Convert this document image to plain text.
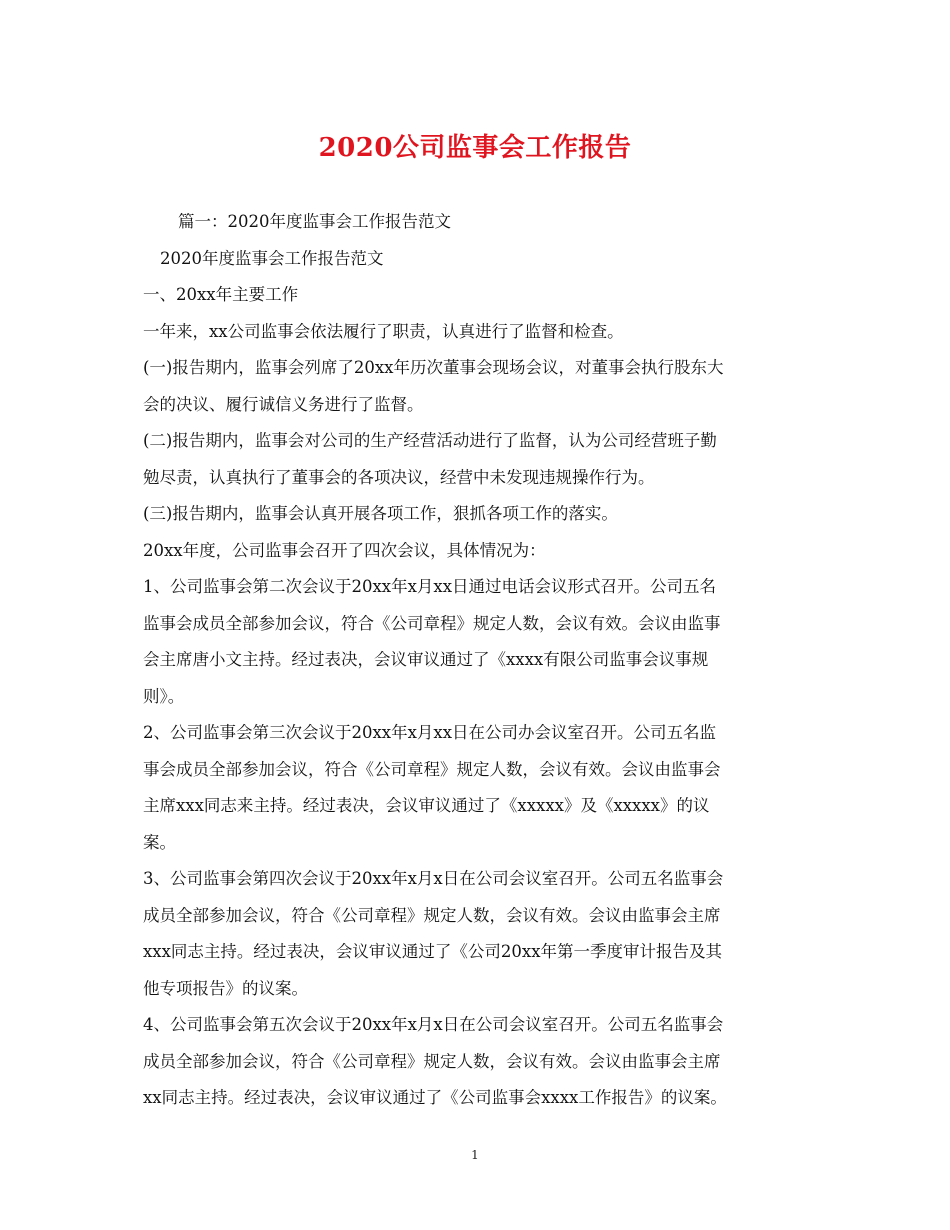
2020公司监事会工作报告
篇一：2020年度监事会工作报告范文
2020年度监事会工作报告范文
一、20xx年主要工作
一年来，xx公司监事会依法履行了职责，认真进行了监督和检查。
(一)报告期内，监事会列席了20xx年历次董事会现场会议，对董事会执行股东大
会的决议、履行诚信义务进行了监督。
(二)报告期内，监事会对公司的生产经营活动进行了监督，认为公司经营班子勤
勉尽责，认真执行了董事会的各项决议，经营中未发现违规操作行为。
(三)报告期内，监事会认真开展各项工作，狠抓各项工作的落实。
20xx年度，公司监事会召开了四次会议，具体情况为：
1、公司监事会第二次会议于20xx年x月xx日通过电话会议形式召开。公司五名
监事会成员全部参加会议，符合《公司章程》规定人数，会议有效。会议由监事
会主席唐小文主持。经过表决，会议审议通过了《xxxx有限公司监事会议事规
则》。
2、公司监事会第三次会议于20xx年x月xx日在公司办会议室召开。公司五名监
事会成员全部参加会议，符合《公司章程》规定人数，会议有效。会议由监事会
主席xxx同志来主持。经过表决，会议审议通过了《xxxxx》及《xxxxx》的议
案。
3、公司监事会第四次会议于20xx年x月x日在公司会议室召开。公司五名监事会
成员全部参加会议，符合《公司章程》规定人数，会议有效。会议由监事会主席
xxx同志主持。经过表决，会议审议通过了《公司20xx年第一季度审计报告及其
他专项报告》的议案。
4、公司监事会第五次会议于20xx年x月x日在公司会议室召开。公司五名监事会
成员全部参加会议，符合《公司章程》规定人数，会议有效。会议由监事会主席
xx同志主持。经过表决，会议审议通过了《公司监事会xxxx工作报告》的议案。
1
